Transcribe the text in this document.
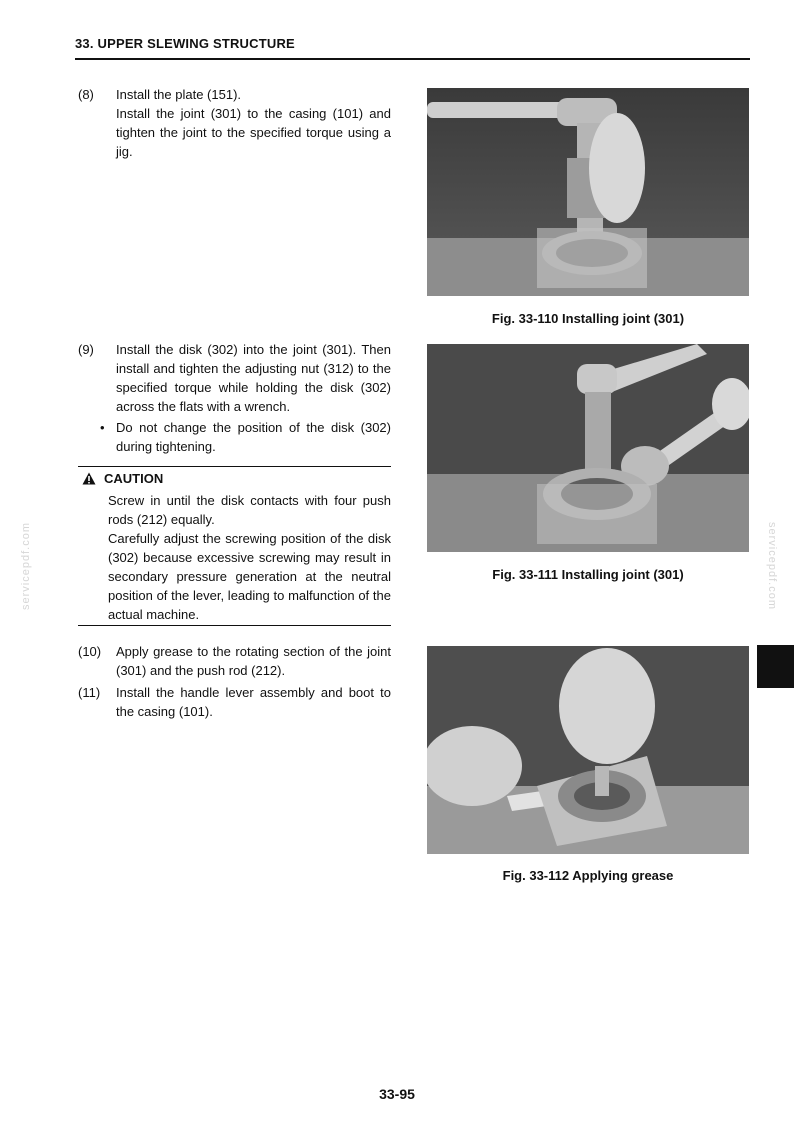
33. UPPER SLEWING STRUCTURE
(8) Install the plate (151).
Install the joint (301) to the casing (101) and tighten the joint to the specified torque using a jig.
(9) Install the disk (302) into the joint (301). Then install and tighten the adjusting nut (312) to the specified torque while holding the disk (302) across the flats with a wrench.
• Do not change the position of the disk (302) during tightening.
CAUTION

Screw in until the disk contacts with four push rods (212) equally.

Carefully adjust the screwing position of the disk (302) because excessive screwing may result in secondary pressure generation at the neutral position of the lever, leading to malfunction of the actual machine.

(10) Apply grease to the rotating section of the joint (301) and the push rod (212).
(11) Install the handle lever assembly and boot to the casing (101).
Fig. 33-110 Installing joint (301)
Fig. 33-111 Installing joint (301)
Fig. 33-112 Applying grease
servicepdf.com	servicepdf.com
33-95
